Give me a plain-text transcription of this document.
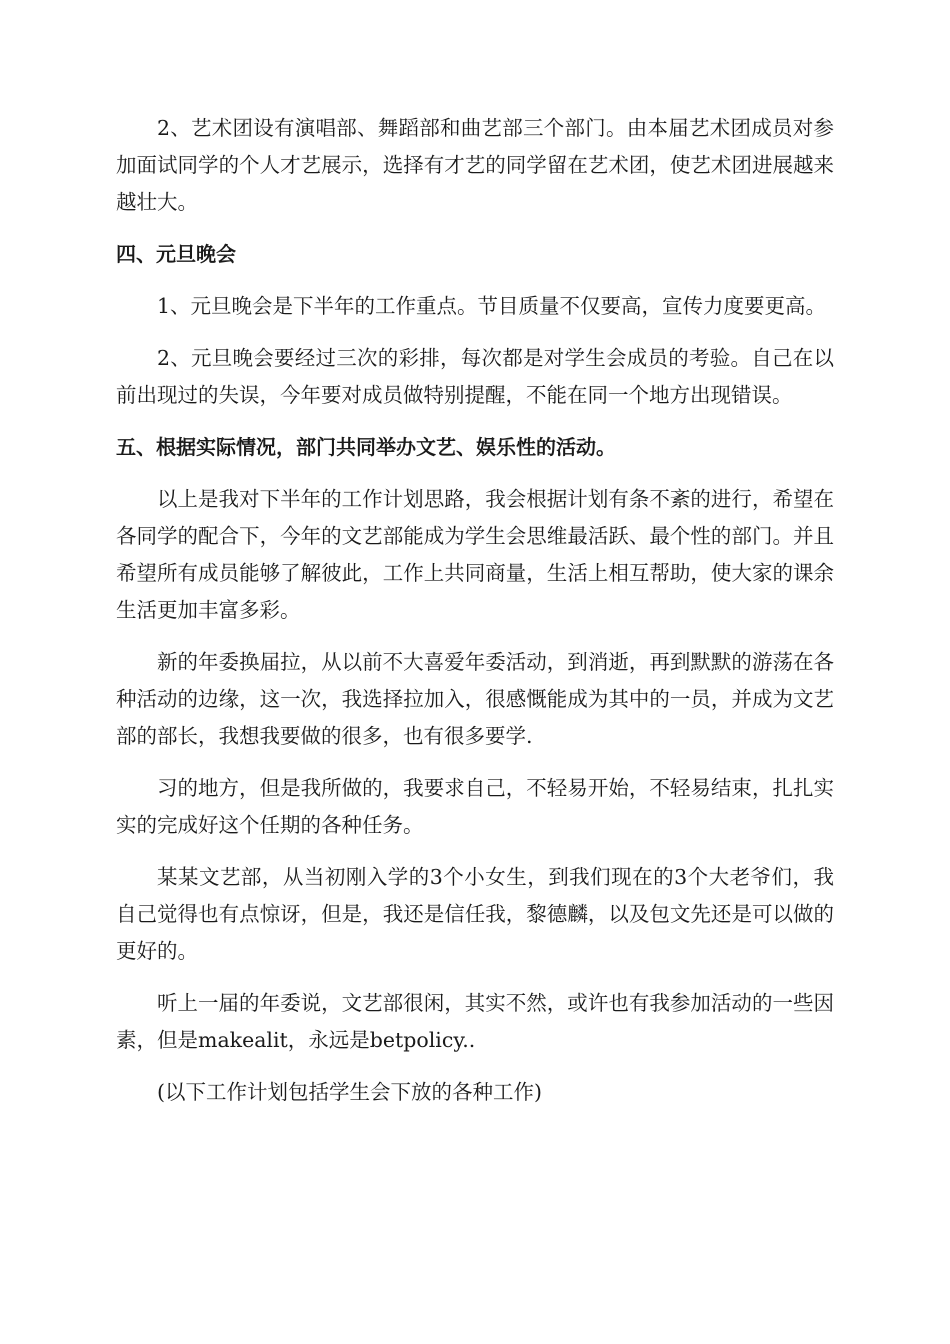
2、艺术团设有演唱部、舞蹈部和曲艺部三个部门。由本届艺术团成员对参加面试同学的个人才艺展示，选择有才艺的同学留在艺术团，使艺术团进展越来越壮大。

四、元旦晚会

1、元旦晚会是下半年的工作重点。节目质量不仅要高，宣传力度要更高。

2、元旦晚会要经过三次的彩排，每次都是对学生会成员的考验。自己在以前出现过的失误，今年要对成员做特别提醒，不能在同一个地方出现错误。

五、根据实际情况，部门共同举办文艺、娱乐性的活动。

以上是我对下半年的工作计划思路，我会根据计划有条不紊的进行，希望在各同学的配合下，今年的文艺部能成为学生会思维最活跃、最个性的部门。并且希望所有成员能够了解彼此，工作上共同商量，生活上相互帮助，使大家的课余生活更加丰富多彩。

新的年委换届拉，从以前不大喜爱年委活动，到消逝，再到默默的游荡在各种活动的边缘，这一次，我选择拉加入，很感慨能成为其中的一员，并成为文艺部的部长，我想我要做的很多，也有很多要学.

习的地方，但是我所做的，我要求自己，不轻易开始，不轻易结束，扎扎实实的完成好这个任期的各种任务。

某某文艺部，从当初刚入学的3个小女生，到我们现在的3个大老爷们，我自己觉得也有点惊讶，但是，我还是信任我，黎德麟，以及包文先还是可以做的更好的。

听上一届的年委说，文艺部很闲，其实不然，或许也有我参加活动的一些因素，但是makealit，永远是betpolicy..

(以下工作计划包括学生会下放的各种工作)
